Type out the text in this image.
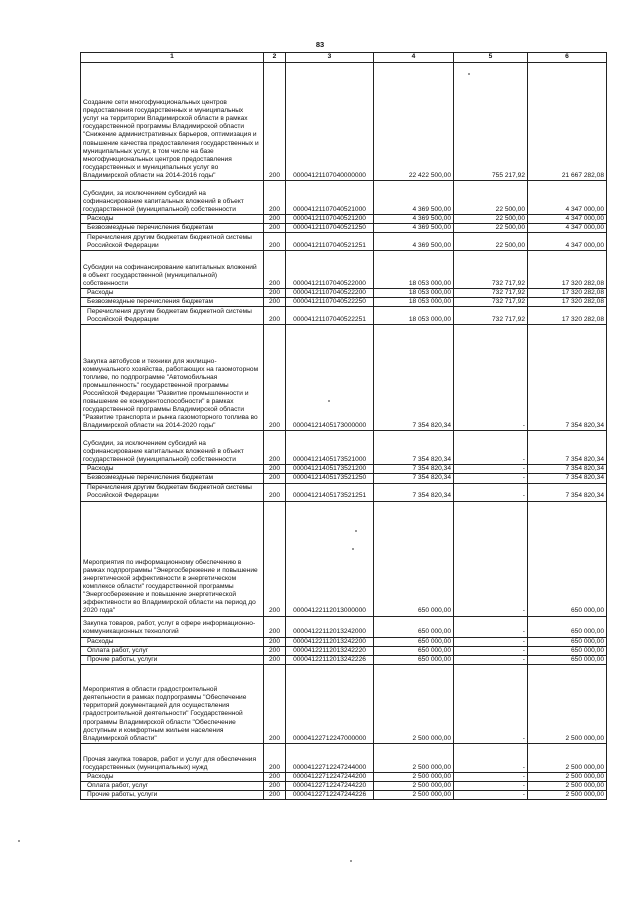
83
1	2	3	4	5	6
Создание сети многофункциональных центров предоставления государственных и муниципальных услуг на территории Владимирской области в рамках государственной программы Владимирской области "Снижение административных барьеров, оптимизация и повышение качества предоставления государственных и муниципальных услуг, в том числе на базе многофункциональных центров предоставления государственных и муниципальных услуг во Владимирской области на 2014-2016 годы"	200	00004121107040000000	22 422 500,00	755 217,92	21 667 282,08
Субсидии, за исключением субсидий на софинансирование капитальных вложений в объект государственной (муниципальной) собственности	200	00004121107040521000	4 369 500,00	22 500,00	4 347 000,00
Расходы	200	00004121107040521200	4 369 500,00	22 500,00	4 347 000,00
Безвозмездные перечисления бюджетам	200	00004121107040521250	4 369 500,00	22 500,00	4 347 000,00
Перечисления другим бюджетам бюджетной системы Российской Федерации	200	00004121107040521251	4 369 500,00	22 500,00	4 347 000,00
Субсидии на софинансирование капитальных вложений в объект государственной (муниципальной) собственности	200	00004121107040522000	18 053 000,00	732 717,92	17 320 282,08
Расходы	200	00004121107040522200	18 053 000,00	732 717,92	17 320 282,08
Безвозмездные перечисления бюджетам	200	00004121107040522250	18 053 000,00	732 717,92	17 320 282,08
Перечисления другим бюджетам бюджетной системы Российской Федерации	200	00004121107040522251	18 053 000,00	732 717,92	17 320 282,08
Закупка автобусов и техники для жилищно-коммунального хозяйства, работающих на газомоторном топливе, по подпрограмме "Автомобильная промышленность" государственной программы Российской Федерации "Развитие промышленности и повышение ее конкурентоспособности" в рамках государственной программы Владимирской области "Развитие транспорта и рынка газомоторного топлива во Владимирской области на 2014-2020 годы"	200	00004121405173000000	7 354 820,34	-	7 354 820,34
Субсидии, за исключением субсидий на софинансирование капитальных вложений в объект государственной (муниципальной) собственности	200	00004121405173521000	7 354 820,34	-	7 354 820,34
Расходы	200	00004121405173521200	7 354 820,34	-	7 354 820,34
Безвозмездные перечисления бюджетам	200	00004121405173521250	7 354 820,34	-	7 354 820,34
Перечисления другим бюджетам бюджетной системы Российской Федерации	200	00004121405173521251	7 354 820,34	-	7 354 820,34
Мероприятия по информационному обеспечению в рамках подпрограммы "Энергосбережение и повышение энергетической эффективности в энергетическом комплексе области" государственной программы "Энергосбережение и повышение энергетической эффективности во Владимирской области на период до 2020 года"	200	00004122112013000000	650 000,00	-	650 000,00
Закупка товаров, работ, услуг в сфере информационно-коммуникационных технологий	200	00004122112013242000	650 000,00	-	650 000,00
Расходы	200	00004122112013242200	650 000,00	-	650 000,00
Оплата работ, услуг	200	00004122112013242220	650 000,00	-	650 000,00
Прочие работы, услуги	200	00004122112013242226	650 000,00	-	650 000,00
Мероприятия в области градостроительной деятельности в рамках подпрограммы "Обеспечение территорий документацией для осуществления градостроительной деятельности" Государственной программы Владимирской области "Обеспечение доступным и комфортным жильем населения Владимирской области"	200	00004122712247000000	2 500 000,00	-	2 500 000,00
Прочая закупка товаров, работ и услуг для обеспечения государственных (муниципальных) нужд	200	00004122712247244000	2 500 000,00	-	2 500 000,00
Расходы	200	00004122712247244200	2 500 000,00	-	2 500 000,00
Оплата работ, услуг	200	00004122712247244220	2 500 000,00	-	2 500 000,00
Прочие работы, услуги	200	00004122712247244226	2 500 000,00	-	2 500 000,00
